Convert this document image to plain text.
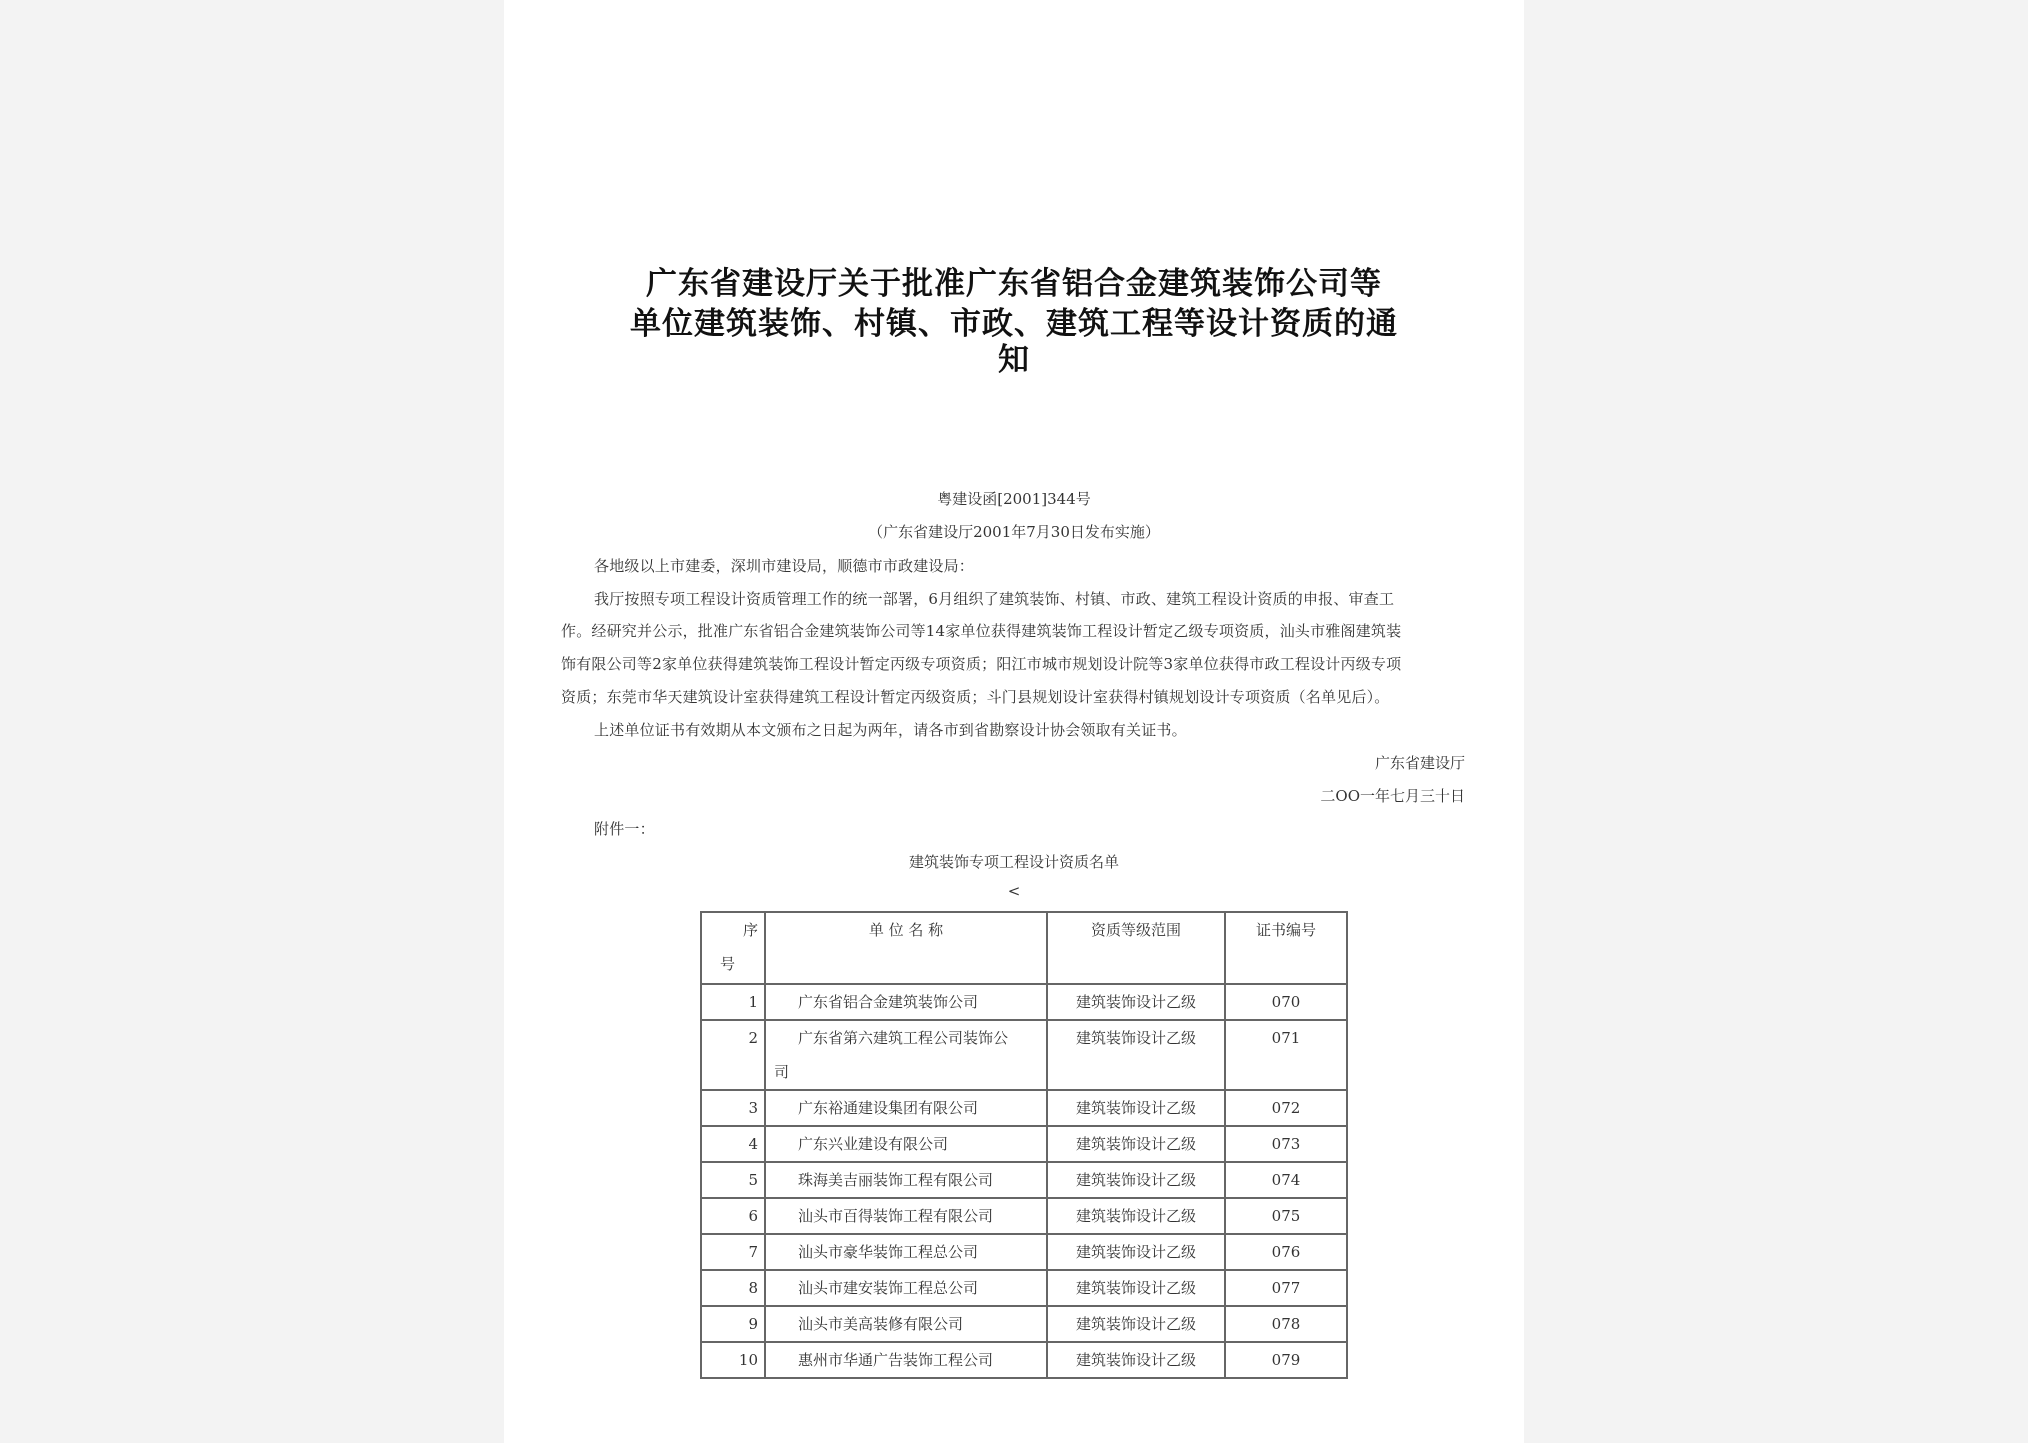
广东省建设厅关于批准广东省铝合金建筑装饰公司等
单位建筑装饰、村镇、市政、建筑工程等设计资质的通
知
粤建设函[2001]344号
（广东省建设厅2001年7月30日发布实施）
各地级以上市建委，深圳市建设局，顺德市市政建设局：
我厅按照专项工程设计资质管理工作的统一部署，6月组织了建筑装饰、村镇、市政、建筑工程设计资质的申报、审查工
作。经研究并公示，批准广东省铝合金建筑装饰公司等14家单位获得建筑装饰工程设计暂定乙级专项资质，汕头市雅阁建筑装
饰有限公司等2家单位获得建筑装饰工程设计暂定丙级专项资质；阳江市城市规划设计院等3家单位获得市政工程设计丙级专项
资质；东莞市华天建筑设计室获得建筑工程设计暂定丙级资质；斗门县规划设计室获得村镇规划设计专项资质（名单见后）。
上述单位证书有效期从本文颁布之日起为两年，请各市到省勘察设计协会领取有关证书。
广东省建设厅
二OO一年七月三十日
附件一：
建筑装饰专项工程设计资质名单
<
序
号	单 位 名 称	资质等级范围	证书编号
1	广东省铝合金建筑装饰公司	建筑装饰设计乙级	070
2	广东省第六建筑工程公司装饰公
司	建筑装饰设计乙级	071
3	广东裕通建设集团有限公司	建筑装饰设计乙级	072
4	广东兴业建设有限公司	建筑装饰设计乙级	073
5	珠海美吉丽装饰工程有限公司	建筑装饰设计乙级	074
6	汕头市百得装饰工程有限公司	建筑装饰设计乙级	075
7	汕头市豪华装饰工程总公司	建筑装饰设计乙级	076
8	汕头市建安装饰工程总公司	建筑装饰设计乙级	077
9	汕头市美高装修有限公司	建筑装饰设计乙级	078
10	惠州市华通广告装饰工程公司	建筑装饰设计乙级	079
